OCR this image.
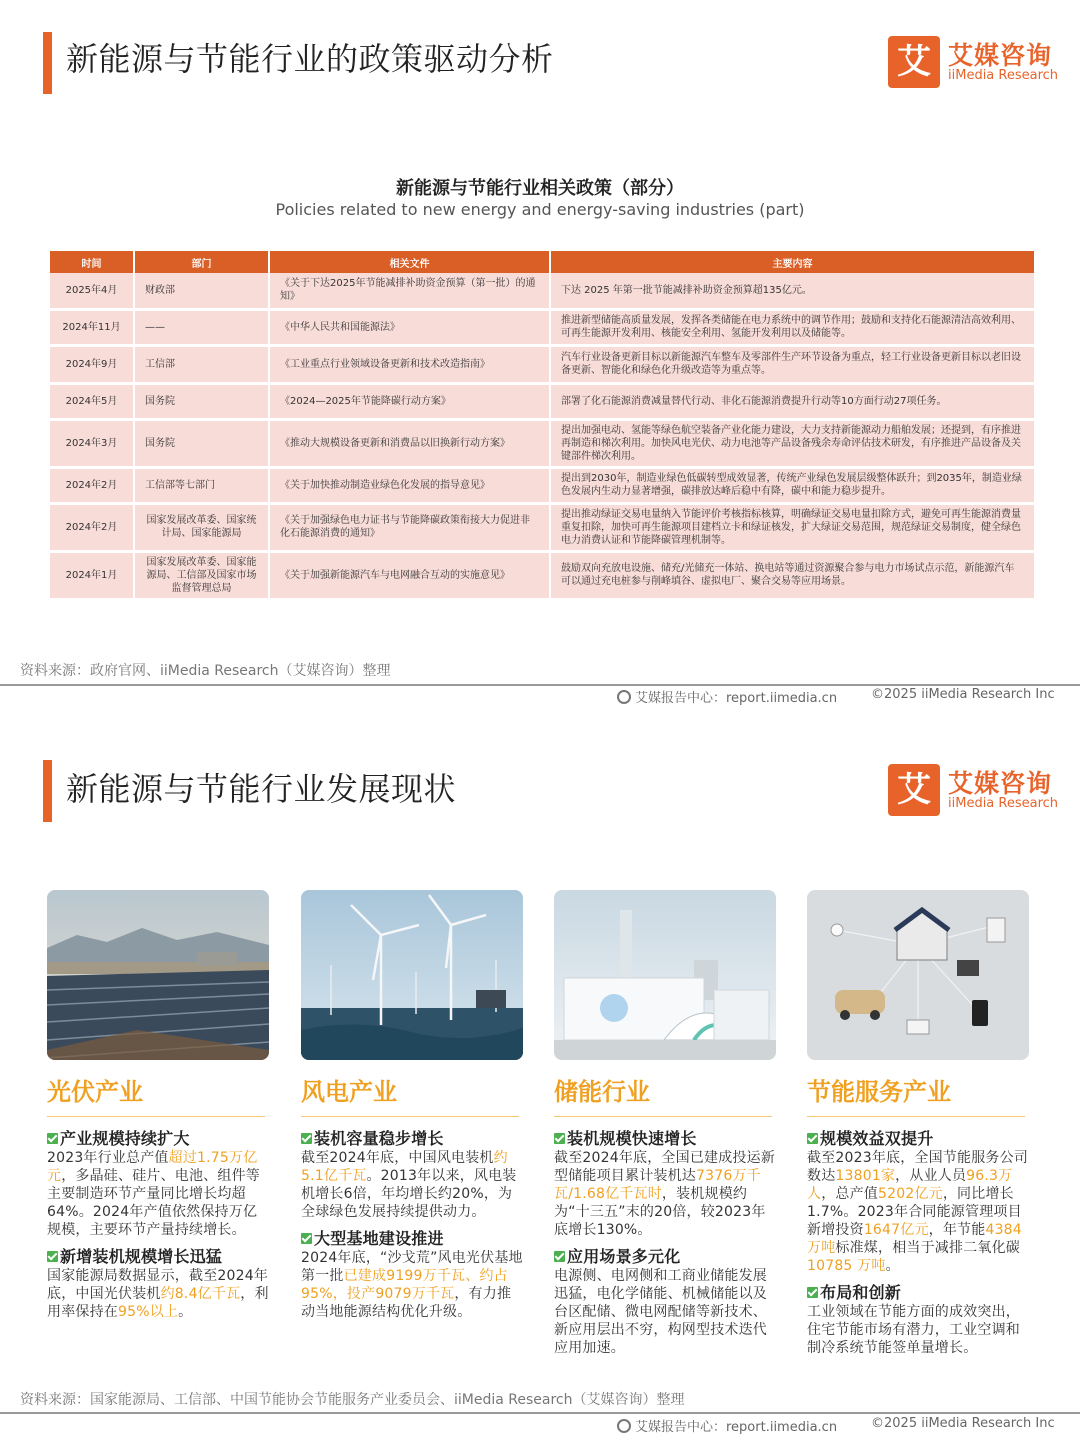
新能源与节能行业的政策驱动分析	艾 艾媒咨询
iiMedia Research
新能源与节能行业相关政策（部分）
Policies related to new energy and energy-saving industries (part)
时间	部门	相关文件	主要内容
2025年4月	财政部	《关于下达2025年节能减排补助资金预算（第一批）的通知》	下达 2025 年第一批节能减排补助资金预算超135亿元。
2024年11月	——	《中华人民共和国能源法》	推进新型储能高质量发展，发挥各类储能在电力系统中的调节作用；鼓励和支持化石能源清洁高效利用、可再生能源开发利用、核能安全利用、氢能开发利用以及储能等。
2024年9月	工信部	《工业重点行业领域设备更新和技术改造指南》	汽车行业设备更新目标以新能源汽车整车及零部件生产环节设备为重点，轻工行业设备更新目标以老旧设备更新、智能化和绿色化升级改造等为重点等。
2024年5月	国务院	《2024—2025年节能降碳行动方案》	部署了化石能源消费减量替代行动、非化石能源消费提升行动等10方面行动27项任务。
2024年3月	国务院	《推动大规模设备更新和消费品以旧换新行动方案》	提出加强电动、氢能等绿色航空装备产业化能力建设，大力支持新能源动力船舶发展；还提到，有序推进再制造和梯次利用。加快风电光伏、动力电池等产品设备残余寿命评估技术研发，有序推进产品设备及关键部件梯次利用。
2024年2月	工信部等七部门	《关于加快推动制造业绿色化发展的指导意见》	提出到2030年，制造业绿色低碳转型成效显著，传统产业绿色发展层级整体跃升；到2035年，制造业绿色发展内生动力显著增强，碳排放达峰后稳中有降，碳中和能力稳步提升。
2024年2月	国家发展改革委、国家统计局、国家能源局	《关于加强绿色电力证书与节能降碳政策衔接大力促进非化石能源消费的通知》	提出推动绿证交易电量纳入节能评价考核指标核算，明确绿证交易电量扣除方式，避免可再生能源消费量重复扣除，加快可再生能源项目建档立卡和绿证核发，扩大绿证交易范围，规范绿证交易制度，健全绿色电力消费认证和节能降碳管理机制等。
2024年1月	国家发展改革委、国家能源局、工信部及国家市场监督管理总局	《关于加强新能源汽车与电网融合互动的实施意见》	鼓励双向充放电设施、储充/光储充一体站、换电站等通过资源聚合参与电力市场试点示范，新能源汽车可以通过充电桩参与削峰填谷、虚拟电厂、聚合交易等应用场景。
资料来源：政府官网、iiMedia Research（艾媒咨询）整理
艾媒报告中心：report.iimedia.cn	©2025 iiMedia Research Inc
新能源与节能行业发展现状	艾 艾媒咨询
iiMedia Research
光伏产业
产业规模持续扩大
2023年行业总产值超过1.75万亿元，多晶硅、硅片、电池、组件等主要制造环节产量同比增长均超64%。2024年产值依然保持万亿规模，主要环节产量持续增长。
新增装机规模增长迅猛
国家能源局数据显示，截至2024年底，中国光伏装机约8.4亿千瓦，利用率保持在95%以上。
风电产业
装机容量稳步增长
截至2024年底，中国风电装机约5.1亿千瓦。2013年以来，风电装机增长6倍，年均增长约20%，为全球绿色发展持续提供动力。
大型基地建设推进
2024年底，“沙戈荒”风电光伏基地第一批已建成9199万千瓦、约占95%，投产9079万千瓦，有力推动当地能源结构优化升级。
储能行业
装机规模快速增长
截至2024年底，全国已建成投运新型储能项目累计装机达7376万千瓦/1.68亿千瓦时，装机规模约为“十三五”末的20倍，较2023年底增长130%。
应用场景多元化
电源侧、电网侧和工商业储能发展迅猛，电化学储能、机械储能以及台区配储、微电网配储等新技术、新应用层出不穷，构网型技术迭代应用加速。
节能服务产业
规模效益双提升
截至2023年底，全国节能服务公司数达13801家，从业人员96.3万人，总产值5202亿元，同比增长1.7%。2023年合同能源管理项目新增投资1647亿元，年节能4384万吨标准煤，相当于减排二氧化碳10785 万吨。
布局和创新
工业领域在节能方面的成效突出，住宅节能市场有潜力，工业空调和制冷系统节能签单量增长。
资料来源：国家能源局、工信部、中国节能协会节能服务产业委员会、iiMedia Research（艾媒咨询）整理
艾媒报告中心：report.iimedia.cn	©2025 iiMedia Research Inc
